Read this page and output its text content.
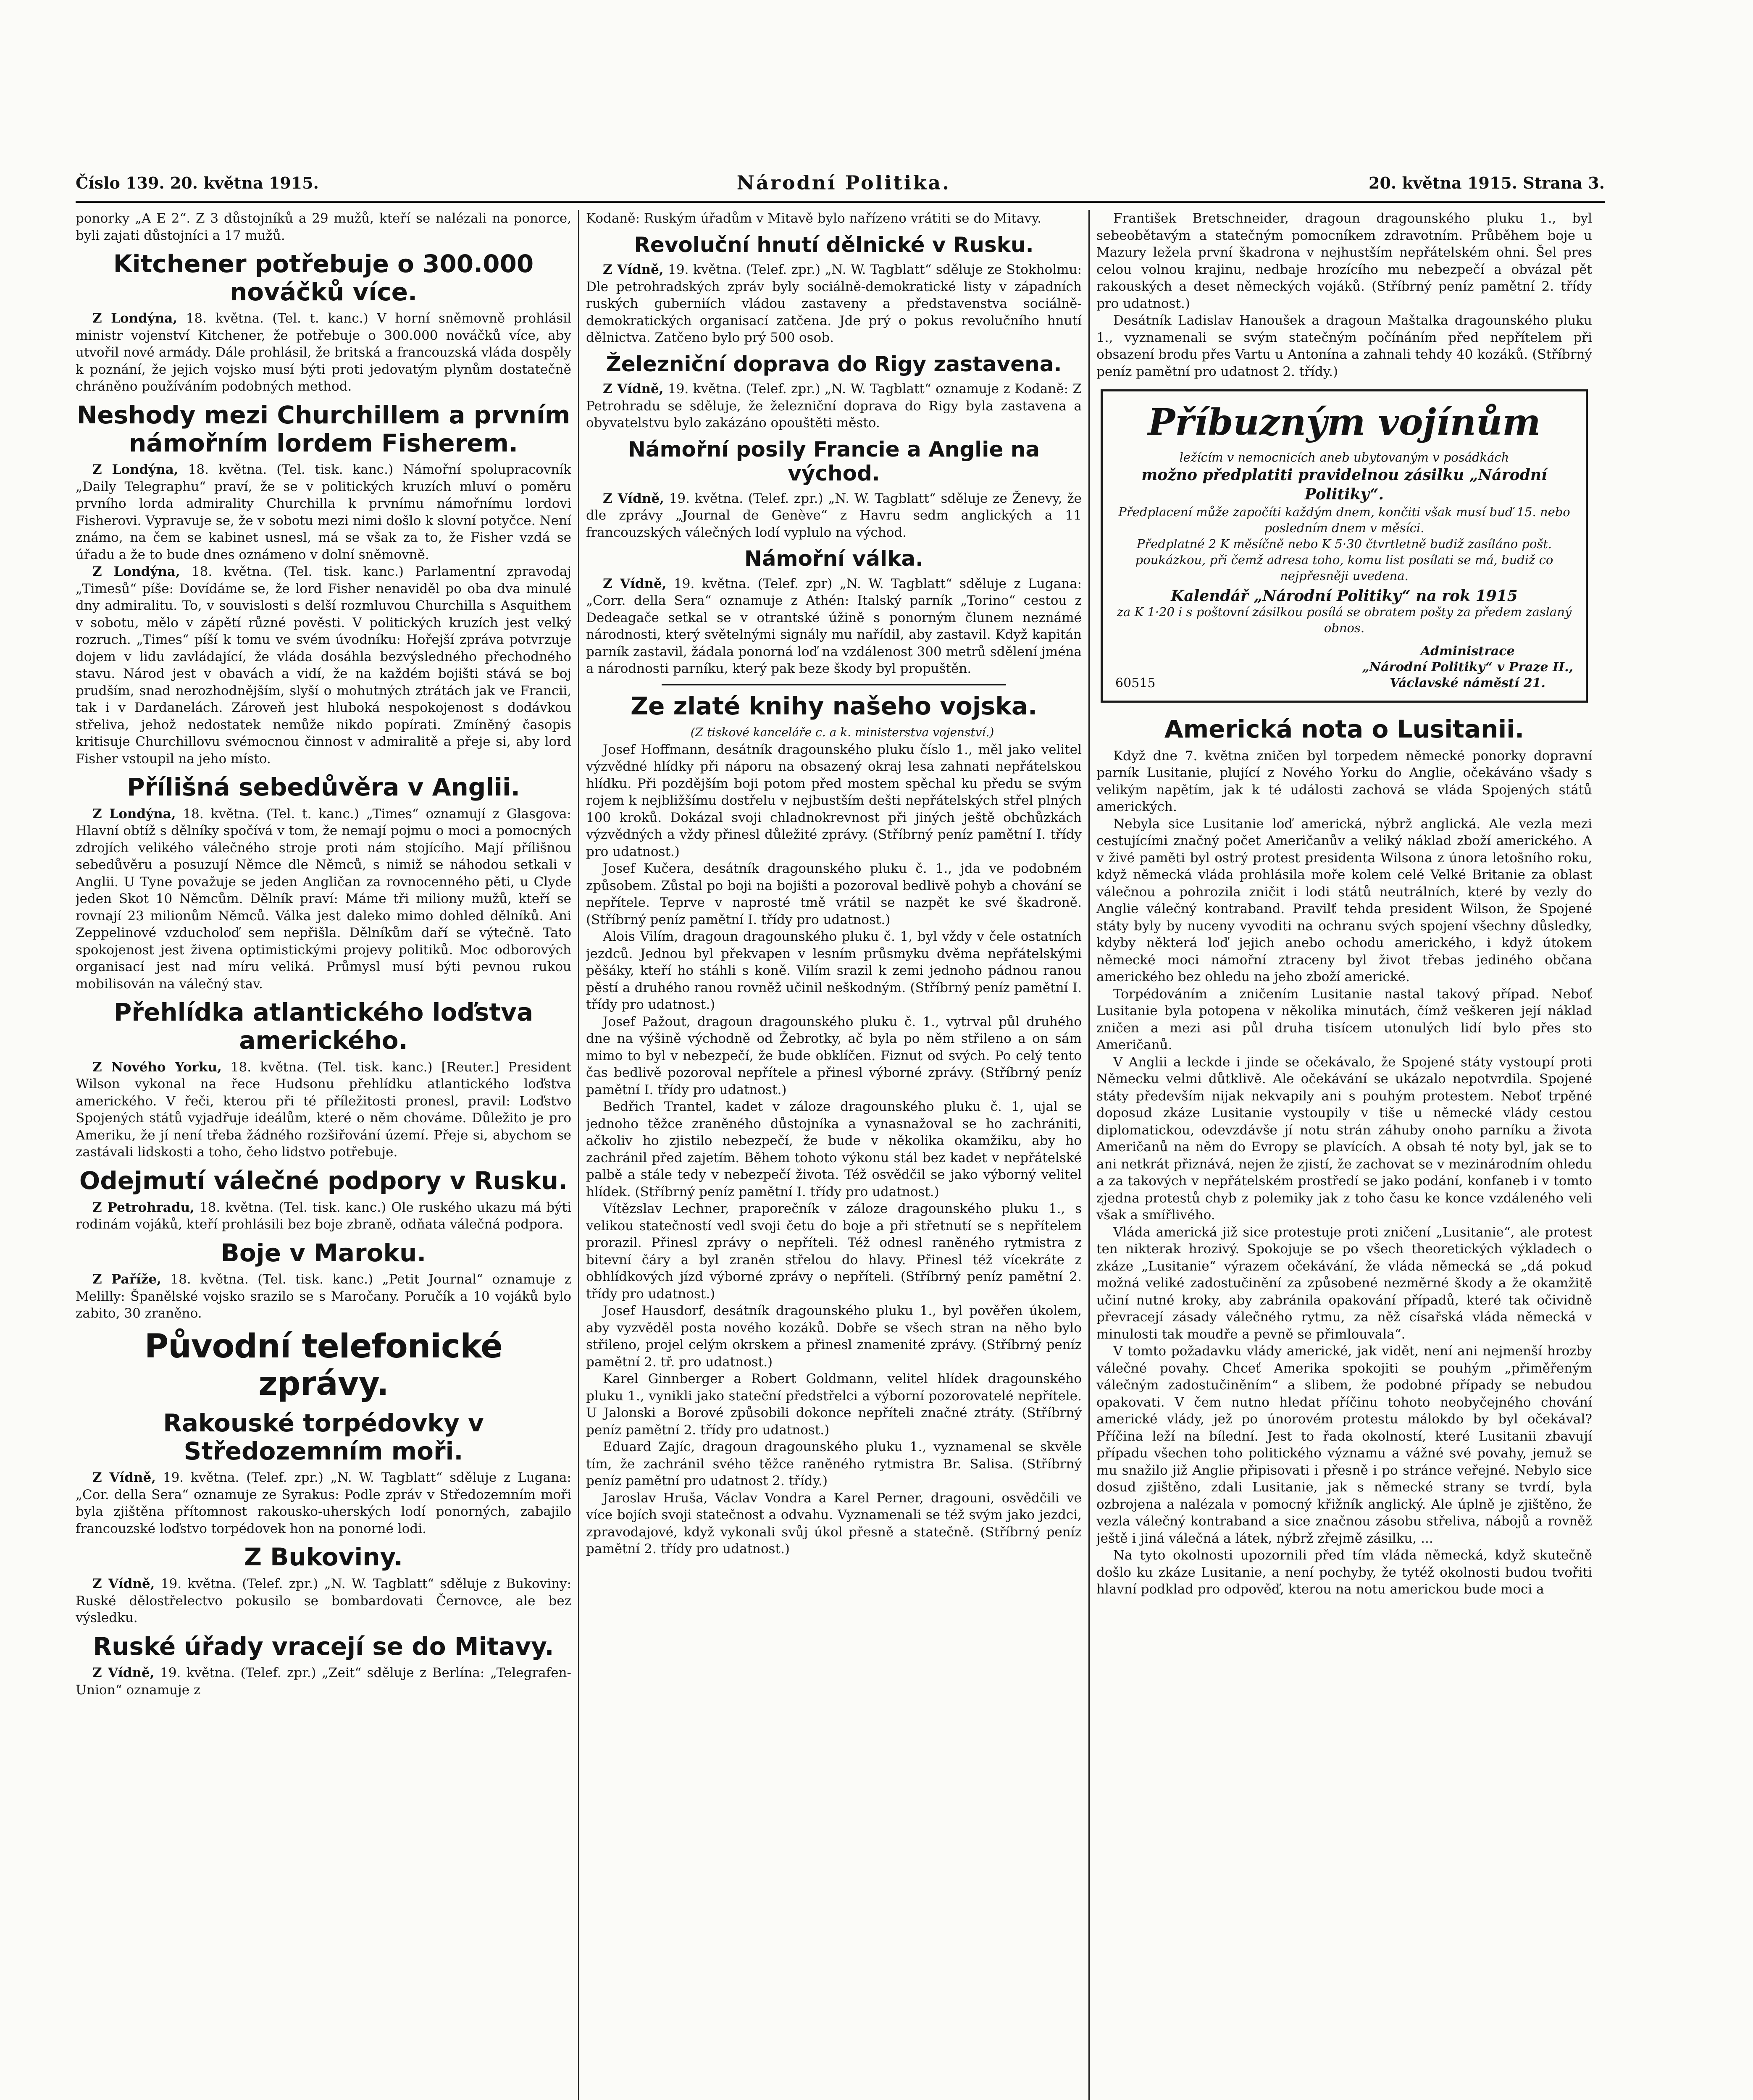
Číslo 139. 20. května 1915.	Národní Politika.	20. května 1915. Strana 3.

ponorky „A E 2“. Z 3 důstojníků a 29 mužů, kteří se nalézali na ponorce, byli zajati důstojníci a 17 mužů.

Kitchener potřebuje o 300.000 nováčků více.

Z Londýna, 18. května. (Tel. t. kanc.) V horní sněmovně prohlásil ministr vojenství Kitchener, že potřebuje o 300.000 nováčků více, aby utvořil nové armády. Dále prohlásil, že britská a francouzská vláda dospěly k poznání, že jejich vojsko musí býti proti jedovatým plynům dostatečně chráněno používáním podobných method.

Neshody mezi Churchillem a prvním námořním lordem Fisherem.

Z Londýna, 18. května. (Tel. tisk. kanc.) Námořní spolupracovník „Daily Telegraphu“ praví, že se v politických kruzích mluví o poměru prvního lorda admirality Churchilla k prvnímu námořnímu lordovi Fisherovi. Vypravuje se, že v sobotu mezi nimi došlo k slovní potyčce. Není známo, na čem se kabinet usnesl, má se však za to, že Fisher vzdá se úřadu a že to bude dnes oznámeno v dolní sněmovně.

Z Londýna, 18. května. (Tel. tisk. kanc.) Parlamentní zpravodaj „Timesů“ píše: Dovídáme se, že lord Fisher nenaviděl po oba dva minulé dny admiralitu. To, v souvislosti s delší rozmluvou Churchilla s Asquithem v sobotu, mělo v zápětí různé pověsti. V politických kruzích jest velký rozruch. „Times“ píší k tomu ve svém úvodníku: Hořejší zpráva potvrzuje dojem v lidu zavládající, že vláda dosáhla bezvýsledného přechodného stavu. Národ jest v obavách a vidí, že na každém bojišti stává se boj prudším, snad nerozhodnějším, slyší o mohutných ztrátách jak ve Francii, tak i v Dardanelách. Zároveň jest hluboká nespokojenost s dodávkou střeliva, jehož nedostatek nemůže nikdo popírati. Zmíněný časopis kritisuje Churchillovu svémocnou činnost v admiralitě a přeje si, aby lord Fisher vstoupil na jeho místo.

Přílišná sebedůvěra v Anglii.

Z Londýna, 18. května. (Tel. t. kanc.) „Times“ oznamují z Glasgova: Hlavní obtíž s dělníky spočívá v tom, že nemají pojmu o moci a pomocných zdrojích velikého válečného stroje proti nám stojícího. Mají přílišnou sebedůvěru a posuzují Němce dle Němců, s nimiž se náhodou setkali v Anglii. U Tyne považuje se jeden Angličan za rovnocenného pěti, u Clyde jeden Skot 10 Němcům. Dělník praví: Máme tři miliony mužů, kteří se rovnají 23 milionům Němců. Válka jest daleko mimo dohled dělníků. Ani Zeppelinové vzducholoď sem nepřišla. Dělníkům daří se výtečně. Tato spokojenost jest živena optimistickými projevy politiků. Moc odborových organisací jest nad míru veliká. Průmysl musí býti pevnou rukou mobilisován na válečný stav.

Přehlídka atlantického loďstva amerického.

Z Nového Yorku, 18. května. (Tel. tisk. kanc.) [Reuter.] President Wilson vykonal na řece Hudsonu přehlídku atlantického loďstva amerického. V řeči, kterou při té příležitosti pronesl, pravil: Loďstvo Spojených států vyjadřuje ideálům, které o něm chováme. Důležito je pro Ameriku, že jí není třeba žádného rozšiřování území. Přeje si, abychom se zastávali lidskosti a toho, čeho lidstvo potřebuje.

Odejmutí válečné podpory v Rusku.

Z Petrohradu, 18. května. (Tel. tisk. kanc.) Ole ruského ukazu má býti rodinám vojáků, kteří prohlásili bez boje zbraně, odňata válečná podpora.

Boje v Maroku.

Z Paříže, 18. května. (Tel. tisk. kanc.) „Petit Journal“ oznamuje z Melilly: Španělské vojsko srazilo se s Maročany. Poručík a 10 vojáků bylo zabito, 30 zraněno.

Původní telefonické zprávy.
Rakouské torpédovky v Středozemním moři.

Z Vídně, 19. května. (Telef. zpr.) „N. W. Tagblatt“ sděluje z Lugana: „Cor. della Sera“ oznamuje ze Syrakus: Podle zpráv v Středozemním moři byla zjištěna přítomnost rakousko-uherských lodí ponorných, zabajilo francouzské loďstvo torpédovek hon na ponorné lodi.

Z Bukoviny.

Z Vídně, 19. května. (Telef. zpr.) „N. W. Tagblatt“ sděluje z Bukoviny: Ruské dělostřelectvo pokusilo se bombardovati Černovce, ale bez výsledku.

Ruské úřady vracejí se do Mitavy.

Z Vídně, 19. května. (Telef. zpr.) „Zeit“ sděluje z Berlína: „Telegrafen-Union“ oznamuje z

Kodaně: Ruským úřadům v Mitavě bylo nařízeno vrátiti se do Mitavy.

Revoluční hnutí dělnické v Rusku.

Z Vídně, 19. května. (Telef. zpr.) „N. W. Tagblatt“ sděluje ze Stokholmu: Dle petrohradských zpráv byly sociálně-demokratické listy v západních ruských guberniích vládou zastaveny a představenstva sociálně-demokratických organisací zatčena. Jde prý o pokus revolučního hnutí dělnictva. Zatčeno bylo prý 500 osob.

Železniční doprava do Rigy zastavena.

Z Vídně, 19. května. (Telef. zpr.) „N. W. Tagblatt“ oznamuje z Kodaně: Z Petrohradu se sděluje, že železniční doprava do Rigy byla zastavena a obyvatelstvu bylo zakázáno opouštěti město.

Námořní posily Francie a Anglie na východ.

Z Vídně, 19. května. (Telef. zpr.) „N. W. Tagblatt“ sděluje ze Ženevy, že dle zprávy „Journal de Genève“ z Havru sedm anglických a 11 francouzských válečných lodí vyplulo na východ.

Námořní válka.

Z Vídně, 19. května. (Telef. zpr) „N. W. Tagblatt“ sděluje z Lugana: „Corr. della Sera“ oznamuje z Athén: Italský parník „Torino“ cestou z Dedeagače setkal se v otrantské úžině s ponorným člunem neznámé národnosti, který světelnými signály mu nařídil, aby zastavil. Když kapitán parník zastavil, žádala ponorná loď na vzdálenost 300 metrů sdělení jména a národnosti parníku, který pak beze škody byl propuštěn.

Ze zlaté knihy našeho vojska.

(Z tiskové kanceláře c. a k. ministerstva vojenství.)

Josef Hoffmann, desátník dragounského pluku číslo 1., měl jako velitel výzvědné hlídky při náporu na obsazený okraj lesa zahnati nepřátelskou hlídku. Při pozdějším boji potom před mostem spěchal ku předu se svým rojem k nejbližšímu dostřelu v nejbustším dešti nepřátelských střel plných 100 kroků. Dokázal svoji chladnokrevnost při jiných ještě obchůzkách výzvědných a vždy přinesl důležité zprávy. (Stříbrný peníz pamětní I. třídy pro udatnost.)

Josef Kučera, desátník dragounského pluku č. 1., jda ve podobném způsobem. Zůstal po boji na bojišti a pozoroval bedlivě pohyb a chování se nepřítele. Teprve v naprosté tmě vrátil se nazpět ke své škadroně. (Stříbrný peníz pamětní I. třídy pro udatnost.)

Alois Vilím, dragoun dragounského pluku č. 1, byl vždy v čele ostatních jezdců. Jednou byl překvapen v lesním průsmyku dvěma nepřátelskými pěšáky, kteří ho stáhli s koně. Vilím srazil k zemi jednoho pádnou ranou pěstí a druhého ranou rovněž učinil neškodným. (Stříbrný peníz pamětní I. třídy pro udatnost.)

Josef Pažout, dragoun dragounského pluku č. 1., vytrval půl druhého dne na výšině východně od Žebrotky, ač byla po něm střileno a on sám mimo to byl v nebezpečí, že bude obklíčen. Fiznut od svých. Po celý tento čas bedlivě pozoroval nepřítele a přinesl výborné zprávy. (Stříbrný peníz pamětní I. třídy pro udatnost.)

Bedřich Trantel, kadet v záloze dragounského pluku č. 1, ujal se jednoho těžce zraněného důstojníka a vynasnažoval se ho zachrániti, ačkoliv ho zjistilo nebezpečí, že bude v několika okamžiku, aby ho zachránil před zajetím. Během tohoto výkonu stál bez kadet v nepřátelské palbě a stále tedy v nebezpečí života. Též osvědčil se jako výborný velitel hlídek. (Stříbrný peníz pamětní I. třídy pro udatnost.)

Vítězslav Lechner, praporečník v záloze dragounského pluku 1., s velikou statečností vedl svoji četu do boje a při střetnutí se s nepřítelem prorazil. Přinesl zprávy o nepříteli. Též odnesl raněného rytmistra z bitevní čáry a byl zraněn střelou do hlavy. Přinesl též vícekráte z obhlídkových jízd výborné zprávy o nepříteli. (Stříbrný peníz pamětní 2. třídy pro udatnost.)

Josef Hausdorf, desátník dragounského pluku 1., byl pověřen úkolem, aby vyzvěděl posta nového kozáků. Dobře se všech stran na něho bylo střileno, projel celým okrskem a přinesl znamenité zprávy. (Stříbrný peníz pamětní 2. tř. pro udatnost.)

Karel Ginnberger a Robert Goldmann, velitel hlídek dragounského pluku 1., vynikli jako stateční předstřelci a výborní pozorovatelé nepřítele. U Jalonski a Borové způsobili dokonce nepříteli značné ztráty. (Stříbrný peníz pamětní 2. třídy pro udatnost.)

Eduard Zajíc, dragoun dragounského pluku 1., vyznamenal se skvěle tím, že zachránil svého těžce raněného rytmistra Br. Salisa. (Stříbrný peníz pamětní pro udatnost 2. třídy.)

Jaroslav Hruša, Václav Vondra a Karel Perner, dragouni, osvědčili ve více bojích svoji statečnost a odvahu. Vyznamenali se též svým jako jezdci, zpravodajové, když vykonali svůj úkol přesně a statečně. (Stříbrný peníz pamětní 2. třídy pro udatnost.)

František Bretschneider, dragoun dragounského pluku 1., byl sebeobětavým a statečným pomocníkem zdravotním. Průběhem boje u Mazury ležela první škadrona v nejhustším nepřátelském ohni. Šel pres celou volnou krajinu, nedbaje hrozícího mu nebezpečí a obvázal pět rakouských a deset německých vojáků. (Stříbrný peníz pamětní 2. třídy pro udatnost.)

Desátník Ladislav Hanoušek a dragoun Maštalka dragounského pluku 1., vyznamenali se svým statečným počínáním před nepřítelem při obsazení brodu přes Vartu u Antonína a zahnali tehdy 40 kozáků. (Stříbrný peníz pamětní pro udatnost 2. třídy.)

Příbuzným vojínům
ležícím v nemocnicích aneb ubytovaným v posádkách
možno předplatiti pravidelnou zásilku „Národní Politiky“.
Předplacení může započíti každým dnem, končiti však musí buď 15. nebo posledním dnem v měsíci.
Předplatné 2 K měsíčně nebo K 5·30 čtvrtletně budiž zasíláno pošt. poukázkou, při čemž adresa toho, komu list posílati se má, budiž co nejpřesněji uvedena.
Kalendář „Národní Politiky“ na rok 1915
za K 1·20 i s poštovní zásilkou posílá se obratem pošty za předem zaslaný obnos.
60515
Administrace
„Národní Politiky“ v Praze II.,
Václavské náměstí 21.
Americká nota o Lusitanii.

Když dne 7. května zničen byl torpedem německé ponorky dopravní parník Lusitanie, plující z Nového Yorku do Anglie, očekáváno všady s velikým napětím, jak k té události zachová se vláda Spojených států amerických.

Nebyla sice Lusitanie loď americká, nýbrž anglická. Ale vezla mezi cestujícími značný počet Američanův a veliký náklad zboží amerického. A v živé paměti byl ostrý protest presidenta Wilsona z února letošního roku, když německá vláda prohlásila moře kolem celé Velké Britanie za oblast válečnou a pohrozila zničit i lodi států neutrálních, které by vezly do Anglie válečný kontraband. Pravilť tehda president Wilson, že Spojené státy byly by nuceny vyvoditi na ochranu svých spojení všechny důsledky, kdyby některá loď jejich anebo ochodu amerického, i když útokem německé moci námořní ztraceny byl život třebas jediného občana amerického bez ohledu na jeho zboží americké.

Torpédováním a zničením Lusitanie nastal takový případ. Neboť Lusitanie byla potopena v několika minutách, čímž veškeren její náklad zničen a mezi asi půl druha tisícem utonulých lidí bylo přes sto Američanů.

V Anglii a leckde i jinde se očekávalo, že Spojené státy vystoupí proti Německu velmi důtklivě. Ale očekávání se ukázalo nepotvrdila. Spojené státy především nijak nekvapily ani s pouhým protestem. Neboť trpěné doposud zkáze Lusitanie vystoupily v tiše u německé vlády cestou diplomatickou, odevzdávše jí notu strán záhuby onoho parníku a života Američanů na něm do Evropy se plavících. A obsah té noty byl, jak se to ani netkrát přiznává, nejen že zjistí, že zachovat se v mezinárodním ohledu a za takových v nepřátelském prostředí se jako podání, konfaneb i v tomto zjedna protestů chyb z polemiky jak z toho času ke konce vzdáleného veli však a smířlivého.

Vláda americká již sice protestuje proti zničení „Lusitanie“, ale protest ten nikterak hrozivý. Spokojuje se po všech theoretických výkladech o zkáze „Lusitanie“ výrazem očekávání, že vláda německá se „dá pokud možná veliké zadostučinění za způsobené nezměrné škody a že okamžitě učiní nutné kroky, aby zabránila opakování případů, které tak očividně převracejí zásady válečného rytmu, za něž císařská vláda německá v minulosti tak moudře a pevně se přimlouvala“.

V tomto požadavku vlády americké, jak vidět, není ani nejmenší hrozby válečné povahy. Chceť Amerika spokojiti se pouhým „přiměřeným válečným zadostučiněním“ a slibem, že podobné případy se nebudou opakovati. V čem nutno hledat příčinu tohoto neobyčejného chování americké vlády, jež po únorovém protestu málokdo by byl očekával? Příčina leží na bílední. Jest to řada okolností, které Lusitanii zbavují případu všechen toho politického významu a vážné své povahy, jemuž se mu snažilo již Anglie připisovati i přesně i po stránce veřejné. Nebylo sice dosud zjištěno, zdali Lusitanie, jak s německé strany se tvrdí, byla ozbrojena a nalézala v pomocný křižník anglický. Ale úplně je zjištěno, že vezla válečný kontraband a sice značnou zásobu střeliva, nábojů a rovněž ještě i jiná válečná a látek, nýbrž zřejmě zásilku, ...

Na tyto okolnosti upozornili před tím vláda německá, když skutečně došlo ku zkáze Lusitanie, a není pochyby, že tytéž okolnosti budou tvořiti hlavní podklad pro odpověď, kterou na notu americkou bude moci a
